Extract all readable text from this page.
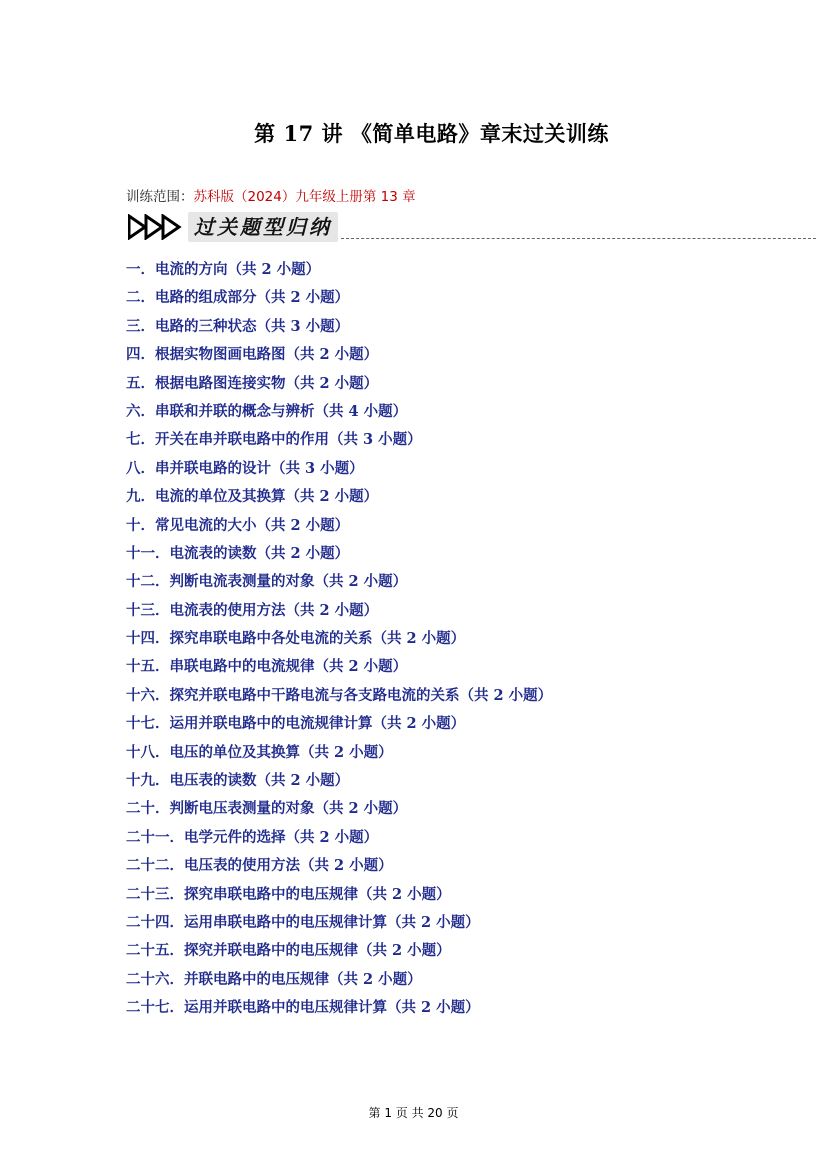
第 17 讲 《简单电路》章末过关训练
训练范围：苏科版（2024）九年级上册第 13 章
过关题型归纳
一．电流的方向（共 2 小题）
二．电路的组成部分（共 2 小题）
三．电路的三种状态（共 3 小题）
四．根据实物图画电路图（共 2 小题）
五．根据电路图连接实物（共 2 小题）
六．串联和并联的概念与辨析（共 4 小题）
七．开关在串并联电路中的作用（共 3 小题）
八．串并联电路的设计（共 3 小题）
九．电流的单位及其换算（共 2 小题）
十．常见电流的大小（共 2 小题）
十一．电流表的读数（共 2 小题）
十二．判断电流表测量的对象（共 2 小题）
十三．电流表的使用方法（共 2 小题）
十四．探究串联电路中各处电流的关系（共 2 小题）
十五．串联电路中的电流规律（共 2 小题）
十六．探究并联电路中干路电流与各支路电流的关系（共 2 小题）
十七．运用并联电路中的电流规律计算（共 2 小题）
十八．电压的单位及其换算（共 2 小题）
十九．电压表的读数（共 2 小题）
二十．判断电压表测量的对象（共 2 小题）
二十一．电学元件的选择（共 2 小题）
二十二．电压表的使用方法（共 2 小题）
二十三．探究串联电路中的电压规律（共 2 小题）
二十四．运用串联电路中的电压规律计算（共 2 小题）
二十五．探究并联电路中的电压规律（共 2 小题）
二十六．并联电路中的电压规律（共 2 小题）
二十七．运用并联电路中的电压规律计算（共 2 小题）
第 1 页 共 20 页
